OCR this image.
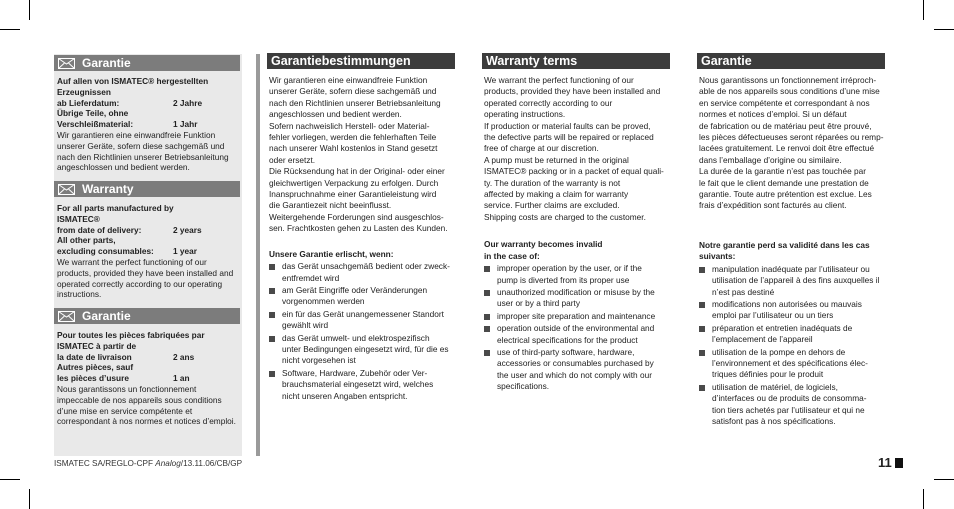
Garantie
Auf allen von ISMATEC® hergestellten
Erzeugnissen
ab Lieferdatum:	2 Jahre
Übrige Teile, ohne
Verschleißmaterial:	1 Jahr
Wir garantieren eine einwandfreie Funktion unserer Geräte, sofern diese sachgemäß und nach den Richtlinien unserer Betriebsanleitung angeschlossen und bedient werden.
Warranty
For all parts manufactured by
ISMATEC®
from date of delivery:	2 years
All other parts,
excluding consumables:	1 year
We warrant the perfect functioning of our products, provided they have been installed and operated correctly according to our operating instructions.
Garantie
Pour toutes les pièces fabriquées par
ISMATEC à partir de
la date de livraison	2 ans
Autres pièces, sauf
les pièces d’usure	1 an
Nous garantissons un fonctionnement impeccable de nos appareils sous conditions d’une mise en service compétente et correspondant à nos normes et notices d’emploi.
Garantiebestimmungen

Wir garantieren eine einwandfreie Funktion
unserer Geräte, sofern diese sachgemäß und
nach den Richtlinien unserer Betriebsanleitung
angeschlossen und bedient werden.
Sofern nachweislich Herstell- oder Material-
fehler vorliegen, werden die fehlerhaften Teile
nach unserer Wahl kostenlos in Stand gesetzt
oder ersetzt.
Die Rücksendung hat in der Original- oder einer
gleichwertigen Verpackung zu erfolgen. Durch
Inanspruchnahme einer Garantieleistung wird
die Garantiezeit nicht beeinflusst.
Weitergehende Forderungen sind ausgeschlos-
sen. Frachtkosten gehen zu Lasten des Kunden.

Unsere Garantie erlischt, wenn:
das Gerät unsachgemäß bedient oder zweck-
entfremdet wird
am Gerät Eingriffe oder Veränderungen
vorgenommen werden
ein für das Gerät unangemessener Standort
gewählt wird
das Gerät umwelt- und elektrospezifisch
unter Bedingungen eingesetzt wird, für die es
nicht vorgesehen ist
Software, Hardware, Zubehör oder Ver-
brauchsmaterial eingesetzt wird, welches
nicht unseren Angaben entspricht.
Warranty terms

We warrant the perfect functioning of our
products, provided they have been installed and
operated correctly according to our
operating instructions.
If production or material faults can be proved,
the defective parts will be repaired or replaced
free of charge at our discretion.
A pump must be returned in the original
ISMATEC® packing or in a packet of equal quali-
ty. The duration of the warranty is not
affected by making a claim for warranty
service. Further claims are excluded.
Shipping costs are charged to the customer.

Our warranty becomes invalid
in the case of:
improper operation by the user, or if the
pump is diverted from its proper use
unauthorized modification or misuse by the
user or by a third party
improper site preparation and maintenance
operation outside of the environmental and
electrical specifications for the product
use of third-party software, hardware,
accessories or consumables purchased by
the user and which do not comply with our
specifications.
Garantie

Nous garantissons un fonctionnement irréproch-
able de nos appareils sous conditions d’une mise
en service compétente et correspondant à nos
normes et notices d’emploi. Si un défaut
de fabrication ou de matériau peut être prouvé,
les pièces défectueuses seront réparées ou remp-
lacées gratuitement. Le renvoi doit être effectué
dans l’emballage d’origine ou similaire.
La durée de la garantie n’est pas touchée par
le fait que le client demande une prestation de
garantie. Toute autre prétention est exclue. Les
frais d’expédition sont facturés au client.

Notre garantie perd sa validité dans les cas
suivants:
manipulation inadéquate par l’utilisateur ou
utilisation de l’appareil à des fins auxquelles il
n’est pas destiné
modifications non autorisées ou mauvais
emploi par l’utilisateur ou un tiers
préparation et entretien inadéquats de
l’emplacement de l’appareil
utilisation de la pompe en dehors de
l’environnement et des spécifications élec-
triques définies pour le produit
utilisation de matériel, de logiciels,
d’interfaces ou de produits de consomma-
tion tiers achetés par l’utilisateur et qui ne
satisfont pas à nos spécifications.
ISMATEC SA/REGLO-CPF Analog/13.11.06/CB/GP	11
